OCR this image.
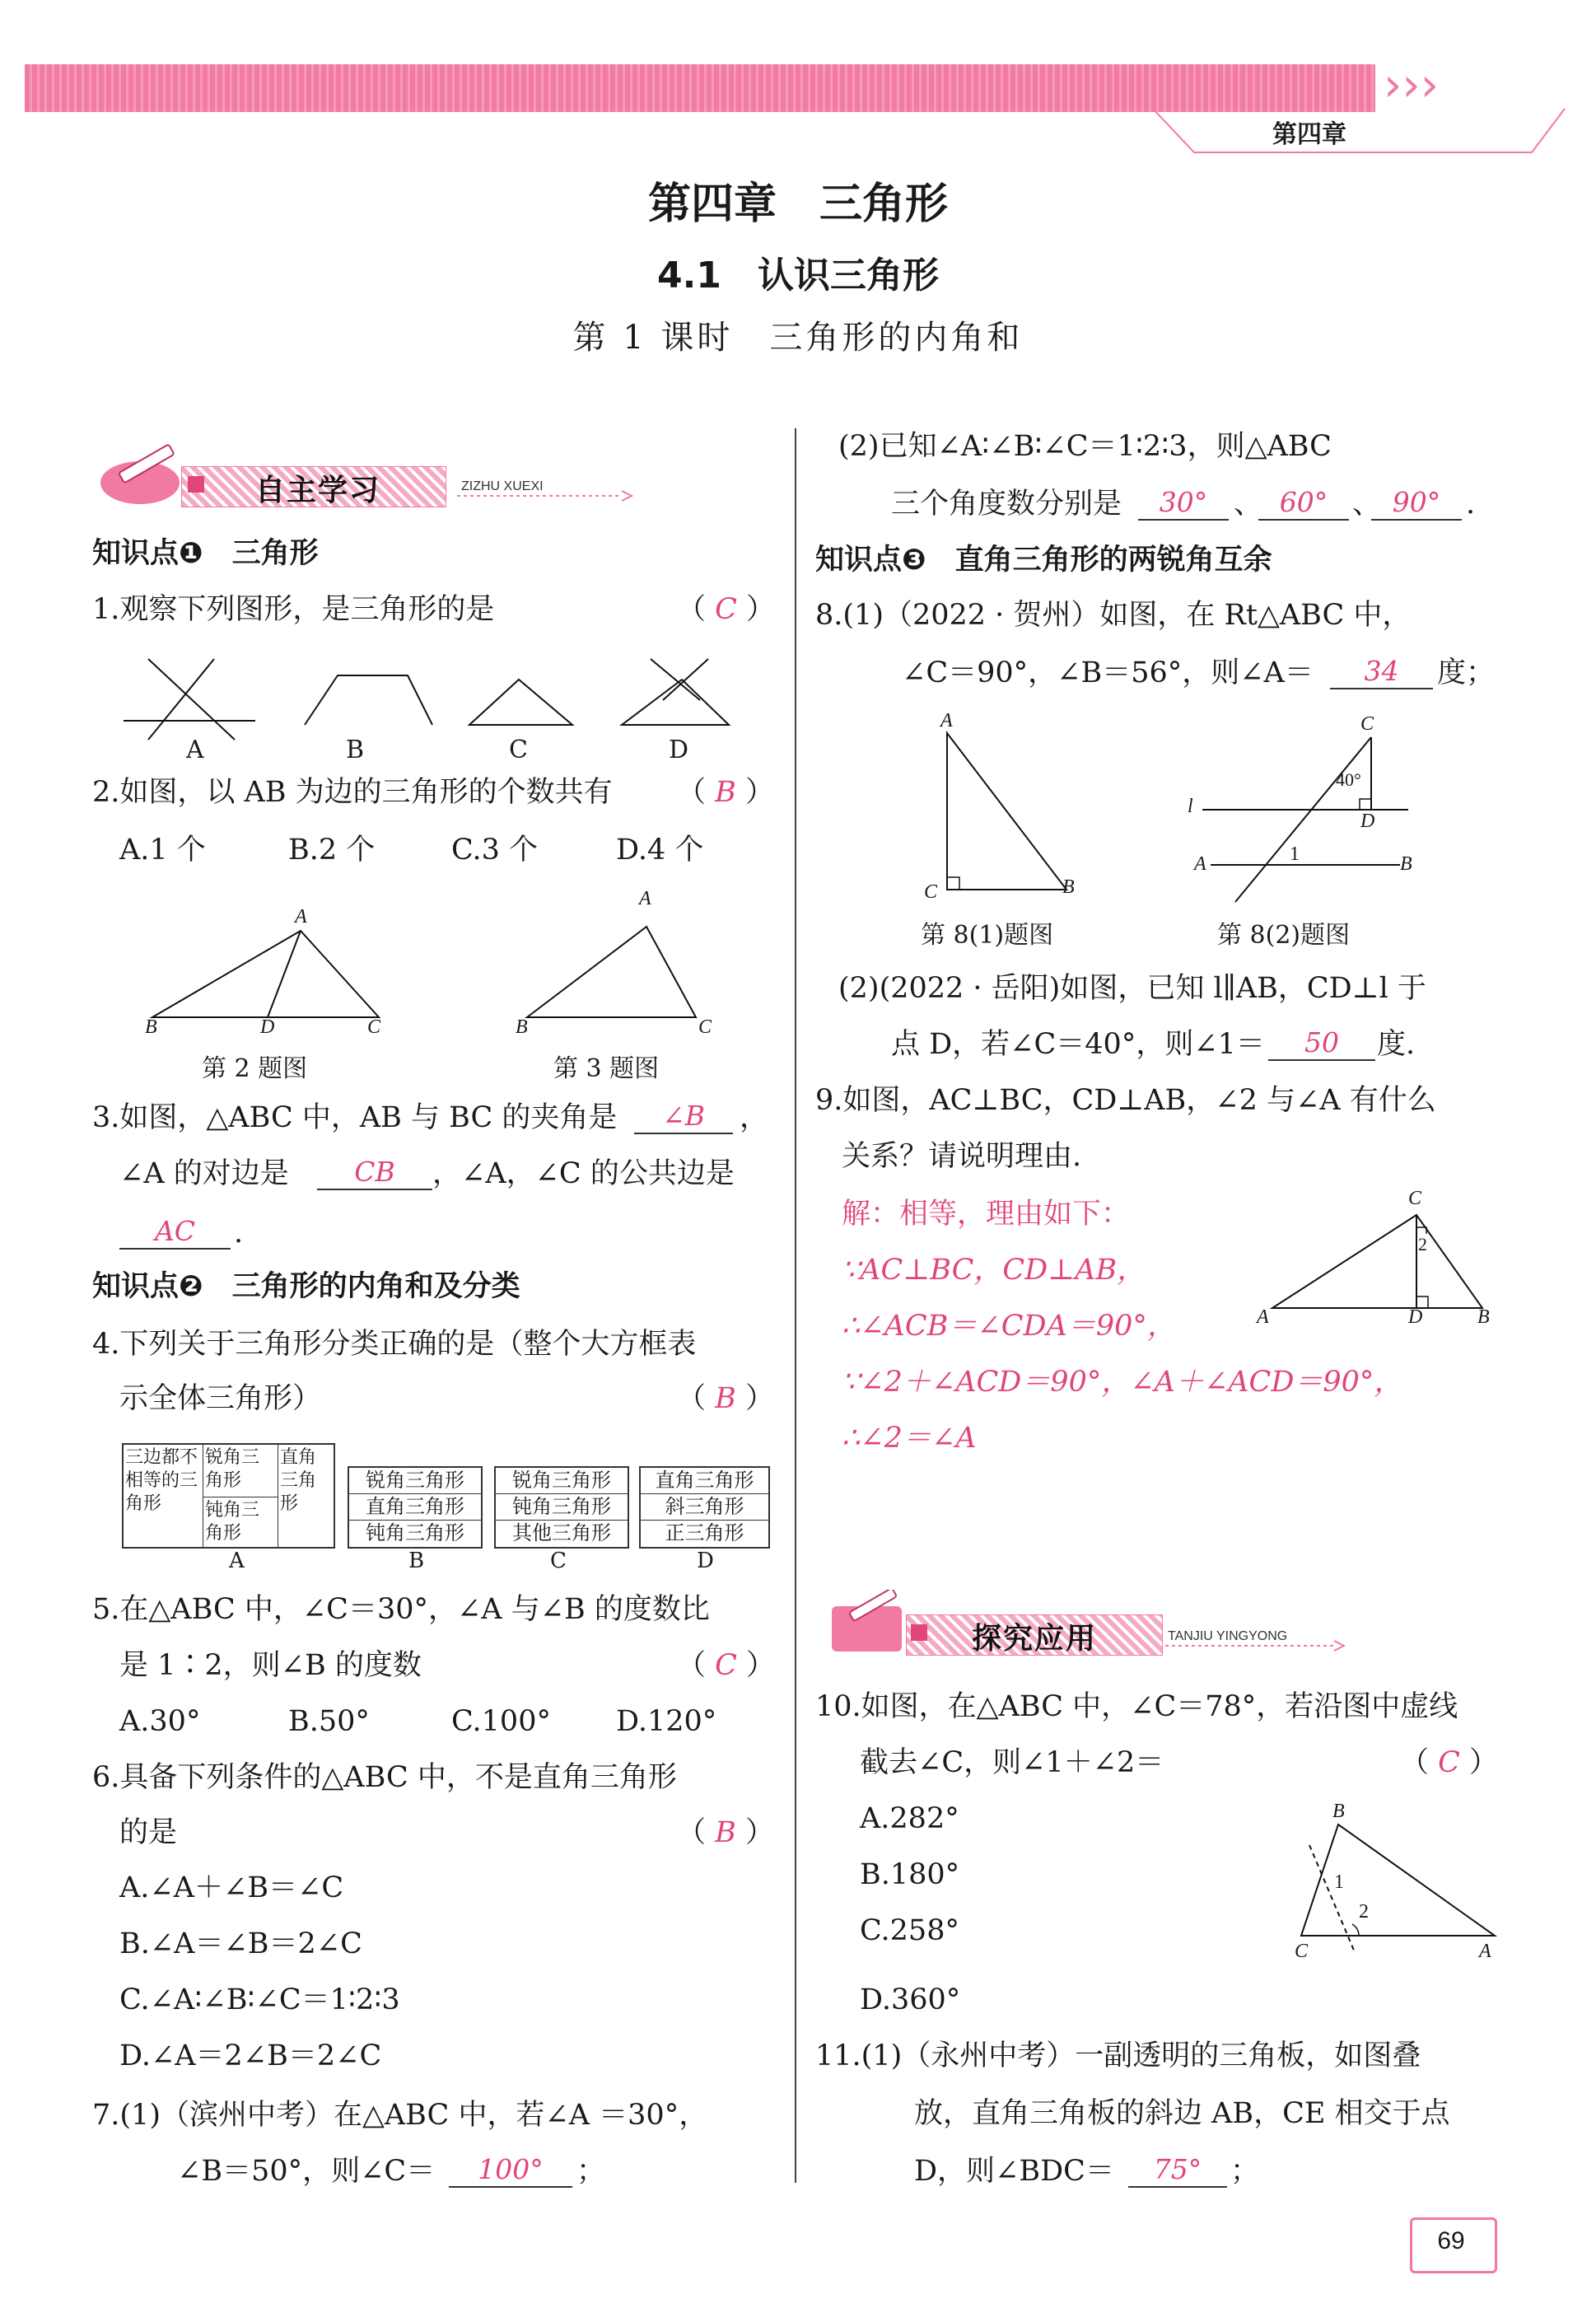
›››
第四章
第四章　三角形
4.1　认识三角形
第 1 课时　三角形的内角和
自主学习	ZIZHU XUEXI
知识点❶　三角形
1.观察下列图形，是三角形的是	（ C ）
A	B	C	D
2.如图，以 AB 为边的三角形的个数共有 （ B ）
A.1 个	B.2 个	C.3 个	D.4 个
A
B	D	C
A
B	C
第 2 题图	第 3 题图
3.如图，△ABC 中，AB 与 BC 的夹角是	∠B	，
∠A 的对边是	CB	，∠A，∠C 的公共边是
AC	.
知识点❷　三角形的内角和及分类
4.下列关于三角形分类正确的是（整个大方框表
示全体三角形）	（ B ）
三边都不相等的三角形
锐角三角形
钝角三角形
直角三角形
锐角三角形
直角三角形
钝角三角形
锐角三角形
钝角三角形
其他三角形
直角三角形
斜三角形
正三角形
A	B	C	D
5.在△ABC 中，∠C＝30°，∠A 与∠B 的度数比
是 1∶2，则∠B 的度数	（ C ）
A.30°	B.50°	C.100° D.120°
6.具备下列条件的△ABC 中，不是直角三角形
的是	（ B ）
A.∠A＋∠B＝∠C
B.∠A＝∠B＝2∠C
C.∠A∶∠B∶∠C＝1∶2∶3
D.∠A＝2∠B＝2∠C
7.(1)（滨州中考）在△ABC 中，若∠A ＝30°，
∠B＝50°，则∠C＝	100°	；
(2)已知∠A∶∠B∶∠C＝1∶2∶3，则△ABC
三个角度数分别是	30° 、 60° 、 90° .
知识点❸　直角三角形的两锐角互余
8.(1)（2022 · 贺州）如图，在 Rt△ABC 中，
∠C＝90°，∠B＝56°，则∠A＝	34	度；
A
C	B
C
40°
l
D
A	1	B
第 8(1)题图	第 8(2)题图
(2)(2022 · 岳阳)如图，已知 l∥AB，CD⊥l 于
点 D，若∠C＝40°，则∠1＝	50	度.
9.如图，AC⊥BC，CD⊥AB，∠2 与∠A 有什么
关系？请说明理由.
解：相等，理由如下：
∵AC⊥BC，CD⊥AB，
∴∠ACB＝∠CDA＝90°，
∵∠2＋∠ACD＝90°，∠A＋∠ACD＝90°，
∴∠2＝∠A
C
2
A	D	B
探究应用	TANJIU YINGYONG
10.如图，在△ABC 中，∠C＝78°，若沿图中虚线
截去∠C，则∠1＋∠2＝	（ C ）
A.282°
B.180°
C.258°
D.360°
B
1
2
C	A
11.(1)（永州中考）一副透明的三角板，如图叠
放，直角三角板的斜边 AB，CE 相交于点
D，则∠BDC＝	75° ；
69
